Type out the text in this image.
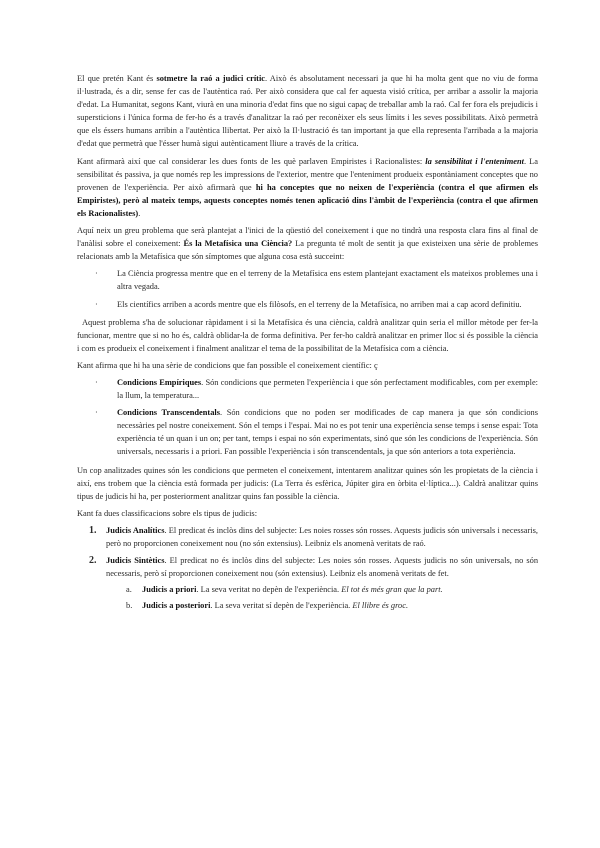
El que pretén Kant és sotmetre la raó a judici crític. Això és absolutament necessari ja que hi ha molta gent que no viu de forma il·lustrada, és a dir, sense fer cas de l'autèntica raó. Per això considera que cal fer aquesta visió crítica, per arribar a assolir la majoria d'edat. La Humanitat, segons Kant, viurà en una minoria d'edat fins que no sigui capaç de treballar amb la raó. Cal fer fora els prejudicis i supersticions i l'única forma de fer-ho és a través d'analitzar la raó per reconèixer els seus límits i les seves possibilitats. Això permetrà que els éssers humans arribin a l'autèntica llibertat. Per això la Il·lustració és tan important ja que ella representa l'arribada a la majoria d'edat que permetrà que l'ésser humà sigui autènticament lliure a través de la crítica.

Kant afirmarà així que cal considerar les dues fonts de les què parlaven Empiristes i Racionalistes: la sensibilitat i l'enteniment. La sensibilitat és passiva, ja que només rep les impressions de l'exterior, mentre que l'enteniment produeix espontàniament conceptes que no provenen de l'experiència. Per això afirmarà que hi ha conceptes que no neixen de l'experiència (contra el que afirmen els Empiristes), però al mateix temps, aquests conceptes només tenen aplicació dins l'àmbit de l'experiència (contra el que afirmen els Racionalistes).

Aquí neix un greu problema que serà plantejat a l'inici de la qüestió del coneixement i que no tindrà una resposta clara fins al final de l'anàlisi sobre el coneixement: És la Metafísica una Ciència? La pregunta té molt de sentit ja que existeixen una sèrie de problemes relacionats amb la Metafísica que són símptomes que alguna cosa està succeint:

· La Ciència progressa mentre que en el terreny de la Metafísica ens estem plantejant exactament els mateixos problemes una i altra vegada.
· Els científics arriben a acords mentre que els filòsofs, en el terreny de la Metafísica, no arriben mai a cap acord definitiu.

Aquest problema s'ha de solucionar ràpidament i si la Metafísica és una ciència, caldrà analitzar quin seria el millor mètode per fer-la funcionar, mentre que si no ho és, caldrà oblidar-la de forma definitiva. Per fer-ho caldrà analitzar en primer lloc si és possible la ciència i com es produeix el coneixement i finalment analitzar el tema de la possibilitat de la Metafísica com a ciència.

Kant afirma que hi ha una sèrie de condicions que fan possible el coneixement científic: ç

· Condicions Empíriques. Són condicions que permeten l'experiència i que són perfectament modificables, com per exemple: la llum, la temperatura...
· Condicions Transcendentals. Són condicions que no poden ser modificades de cap manera ja que són condicions necessàries pel nostre coneixement. Són el temps i l'espai. Mai no es pot tenir una experiència sense temps i sense espai: Tota experiència té un quan i un on; per tant, temps i espai no són experimentats, sinó que són les condicions de l'experiència. Són universals, necessaris i a priori. Fan possible l'experiència i són transcendentals, ja que són anteriors a tota experiència.

Un cop analitzades quines són les condicions que permeten el coneixement, intentarem analitzar quines són les propietats de la ciència i així, ens trobem que la ciència està formada per judicis: (La Terra és esfèrica, Júpiter gira en òrbita el·líptica...). Caldrà analitzar quins tipus de judicis hi ha, per posteriorment analitzar quins fan possible la ciència.

Kant fa dues classificacions sobre els tipus de judicis:

1. Judicis Analítics. El predicat és inclòs dins del subjecte: Les noies rosses són rosses. Aquests judicis són universals i necessaris, però no proporcionen coneixement nou (no són extensius). Leibniz els anomenà veritats de raó.
2. Judicis Sintètics. El predicat no és inclòs dins del subjecte: Les noies són rosses. Aquests judicis no són universals, no són necessaris, però sí proporcionen coneixement nou (són extensius). Leibniz els anomenà veritats de fet.
a. Judicis a priori. La seva veritat no depèn de l'experiència. El tot és més gran que la part.
b. Judicis a posteriori. La seva veritat sí depèn de l'experiència. El llibre és groc.
